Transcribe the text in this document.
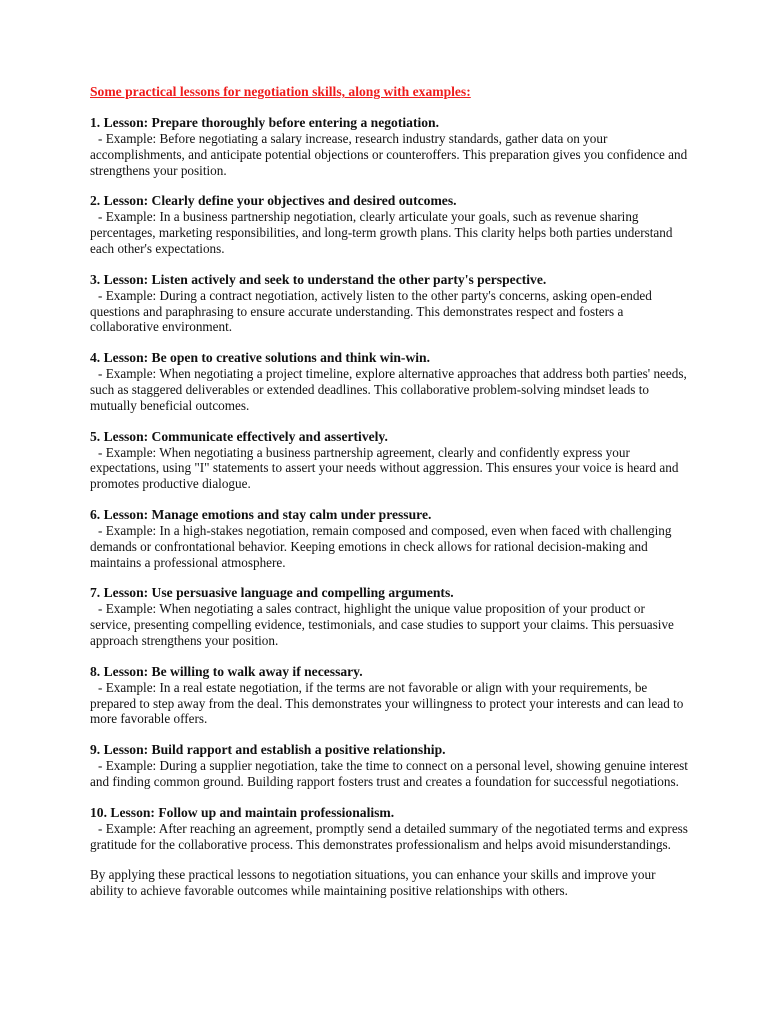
Some practical lessons for negotiation skills, along with examples:
1. Lesson: Prepare thoroughly before entering a negotiation.
- Example: Before negotiating a salary increase, research industry standards, gather data on your accomplishments, and anticipate potential objections or counteroffers. This preparation gives you confidence and strengthens your position.
2. Lesson: Clearly define your objectives and desired outcomes.
- Example: In a business partnership negotiation, clearly articulate your goals, such as revenue sharing percentages, marketing responsibilities, and long-term growth plans. This clarity helps both parties understand each other's expectations.
3. Lesson: Listen actively and seek to understand the other party's perspective.
- Example: During a contract negotiation, actively listen to the other party's concerns, asking open-ended questions and paraphrasing to ensure accurate understanding. This demonstrates respect and fosters a collaborative environment.
4. Lesson: Be open to creative solutions and think win-win.
- Example: When negotiating a project timeline, explore alternative approaches that address both parties' needs, such as staggered deliverables or extended deadlines. This collaborative problem-solving mindset leads to mutually beneficial outcomes.
5. Lesson: Communicate effectively and assertively.
- Example: When negotiating a business partnership agreement, clearly and confidently express your expectations, using "I" statements to assert your needs without aggression. This ensures your voice is heard and promotes productive dialogue.
6. Lesson: Manage emotions and stay calm under pressure.
- Example: In a high-stakes negotiation, remain composed and composed, even when faced with challenging demands or confrontational behavior. Keeping emotions in check allows for rational decision-making and maintains a professional atmosphere.
7. Lesson: Use persuasive language and compelling arguments.
- Example: When negotiating a sales contract, highlight the unique value proposition of your product or service, presenting compelling evidence, testimonials, and case studies to support your claims. This persuasive approach strengthens your position.
8. Lesson: Be willing to walk away if necessary.
- Example: In a real estate negotiation, if the terms are not favorable or align with your requirements, be prepared to step away from the deal. This demonstrates your willingness to protect your interests and can lead to more favorable offers.
9. Lesson: Build rapport and establish a positive relationship.
- Example: During a supplier negotiation, take the time to connect on a personal level, showing genuine interest and finding common ground. Building rapport fosters trust and creates a foundation for successful negotiations.
10. Lesson: Follow up and maintain professionalism.
- Example: After reaching an agreement, promptly send a detailed summary of the negotiated terms and express gratitude for the collaborative process. This demonstrates professionalism and helps avoid misunderstandings.

By applying these practical lessons to negotiation situations, you can enhance your skills and improve your ability to achieve favorable outcomes while maintaining positive relationships with others.
